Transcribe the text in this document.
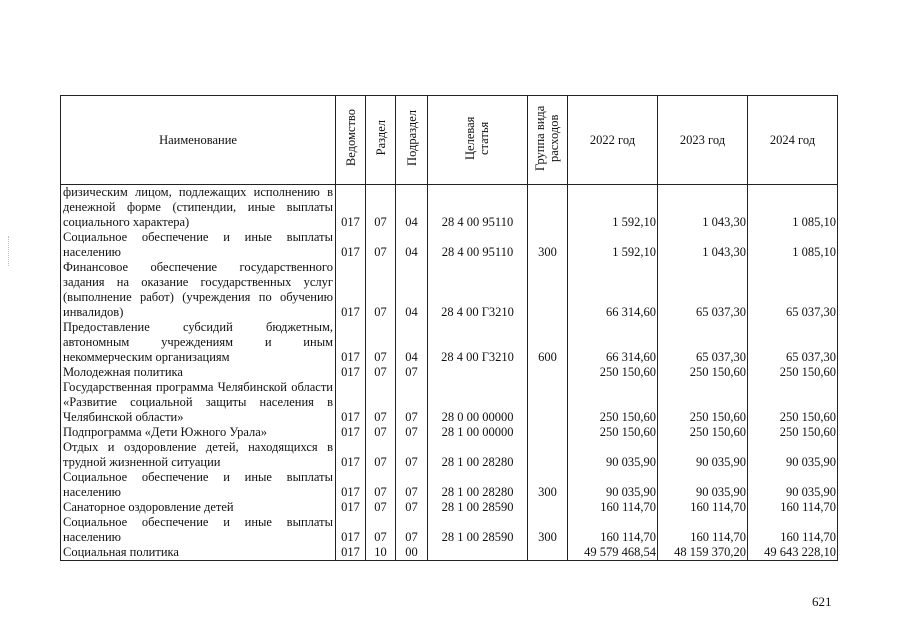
Наименование	Ведомство	Раздел	Подраздел	Целевая статья	Группа вида расходов	2022 год	2023 год	2024 год
физическим лицом, подлежащих исполнению в денежной форме (стипендии, иные выплаты социального характера)	017	07	04	28 4 00 95110		1 592,10	1 043,30	1 085,10
Социальное обеспечение и иные выплаты населению	017	07	04	28 4 00 95110	300	1 592,10	1 043,30	1 085,10
Финансовое обеспечение государственного задания на оказание государственных услуг (выполнение работ) (учреждения по обучению инвалидов)	017	07	04	28 4 00 Г3210		66 314,60	65 037,30	65 037,30
Предоставление субсидий бюджетным, автономным учреждениям и иным некоммерческим организациям	017	07	04	28 4 00 Г3210	600	66 314,60	65 037,30	65 037,30
Молодежная политика	017	07	07			250 150,60	250 150,60	250 150,60
Государственная программа Челябинской области «Развитие социальной защиты населения в Челябинской области»	017	07	07	28 0 00 00000		250 150,60	250 150,60	250 150,60
Подпрограмма «Дети Южного Урала»	017	07	07	28 1 00 00000		250 150,60	250 150,60	250 150,60
Отдых и оздоровление детей, находящихся в трудной жизненной ситуации	017	07	07	28 1 00 28280		90 035,90	90 035,90	90 035,90
Социальное обеспечение и иные выплаты населению	017	07	07	28 1 00 28280	300	90 035,90	90 035,90	90 035,90
Санаторное оздоровление детей	017	07	07	28 1 00 28590		160 114,70	160 114,70	160 114,70
Социальное обеспечение и иные выплаты населению	017	07	07	28 1 00 28590	300	160 114,70	160 114,70	160 114,70
Социальная политика	017	10	00			49 579 468,54	48 159 370,20	49 643 228,10
621
